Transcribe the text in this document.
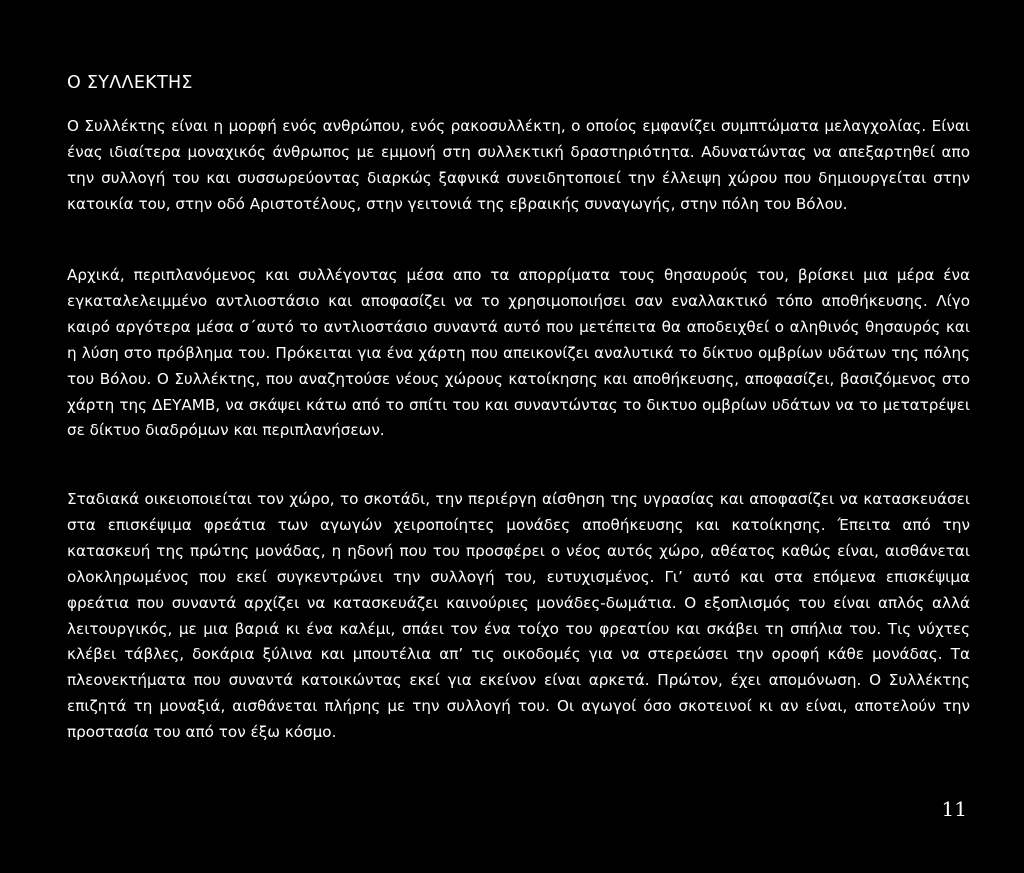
Ο ΣΥΛΛΕΚΤΗΣ

Ο Συλλέκτης είναι η μορφή ενός ανθρώπου, ενός ρακοσυλλέκτη, ο οποίος εμφανίζει συμπτώματα μελαγχολίας. Είναι ένας ιδιαίτερα μοναχικός άνθρωπος με εμμονή στη συλλεκτική δραστηριότητα. Αδυνατώντας να απεξαρτηθεί απο την συλλογή του και συσσωρεύοντας διαρκώς ξαφνικά συνειδητοποιεί την έλλειψη χώρου που δημιουργείται στην κατοικία του, στην οδό Αριστοτέλους, στην γειτονιά της εβραικής συναγωγής, στην πόλη του Βόλου.

Αρχικά, περιπλανόμενος και συλλέγοντας μέσα απο τα απορρίματα τους θησαυρούς του, βρίσκει μια μέρα ένα εγκαταλελειμμένο αντλιοστάσιο και αποφασίζει να το χρησιμοποιήσει σαν εναλλακτικό τόπο αποθήκευσης. Λίγο καιρό αργότερα μέσα σ΄αυτό το αντλιοστάσιο συναντά αυτό που μετέπειτα θα αποδειχθεί ο αληθινός θησαυρός και η λύση στο πρόβλημα του. Πρόκειται για ένα χάρτη που απεικονίζει αναλυτικά το δίκτυο ομβρίων υδάτων της πόλης του Βόλου. Ο Συλλέκτης, που αναζητούσε νέους χώρους κατοίκησης και αποθήκευσης, αποφασίζει, βασιζόμενος στο χάρτη της ΔΕΥΑΜΒ, να σκάψει κάτω από το σπίτι του και συναντώντας το δικτυο ομβρίων υδάτων να το μετατρέψει σε δίκτυο διαδρόμων και περιπλανήσεων.

Σταδιακά οικειοποιείται τον χώρο, το σκοτάδι, την περιέργη αίσθηση της υγρασίας και αποφασίζει να κατασκευάσει στα επισκέψιμα φρεάτια των αγωγών χειροποίητες μονάδες αποθήκευσης και κατοίκησης. Έπειτα από την κατασκευή της πρώτης μονάδας, η ηδονή που του προσφέρει ο νέος αυτός χώρο, αθέατος καθώς είναι, αισθάνεται ολοκληρωμένος που εκεί συγκεντρώνει την συλλογή του, ευτυχισμένος. Γι’ αυτό και στα επόμενα επισκέψιμα φρεάτια που συναντά αρχίζει να κατασκευάζει καινούριες μονάδες-δωμάτια. Ο εξοπλισμός του είναι απλός αλλά λειτουργικός, με μια βαριά κι ένα καλέμι, σπάει τον ένα τοίχο του φρεατίου και σκάβει τη σπήλια του. Τις νύχτες κλέβει τάβλες, δοκάρια ξύλινα και μπουτέλια απ’ τις οικοδομές για να στερεώσει την οροφή κάθε μονάδας. Τα πλεονεκτήματα που συναντά κατοικώντας εκεί για εκείνον είναι αρκετά. Πρώτον, έχει απομόνωση. Ο Συλλέκτης επιζητά τη μοναξιά, αισθάνεται πλήρης με την συλλογή του. Οι αγωγοί όσο σκοτεινοί κι αν είναι, αποτελούν την προστασία του από τον έξω κόσμο.

11
